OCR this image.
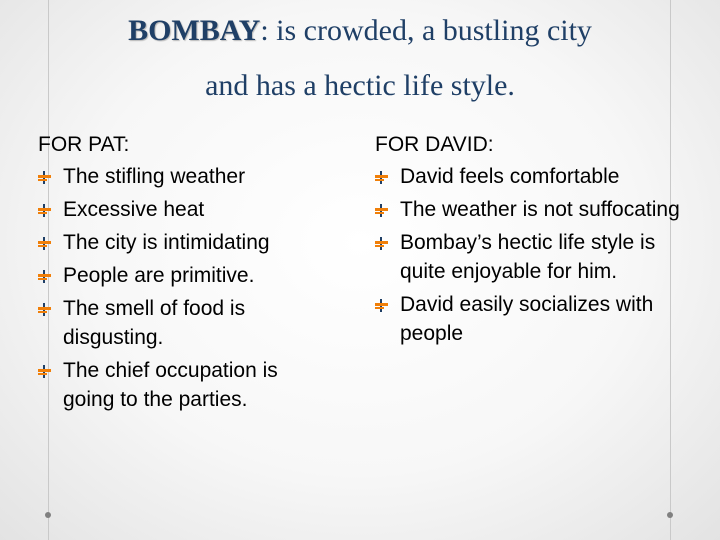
BOMBAY: is crowded, a bustling city
and has a hectic life style.
FOR PAT:
The stifling weather
Excessive heat
The city is intimidating
People are primitive.
The smell of food is disgusting.
The chief occupation is going to the parties.
FOR DAVID:
David feels comfortable
The weather is not suffocating
Bombay’s hectic life style is quite enjoyable for him.
David easily socializes with people
